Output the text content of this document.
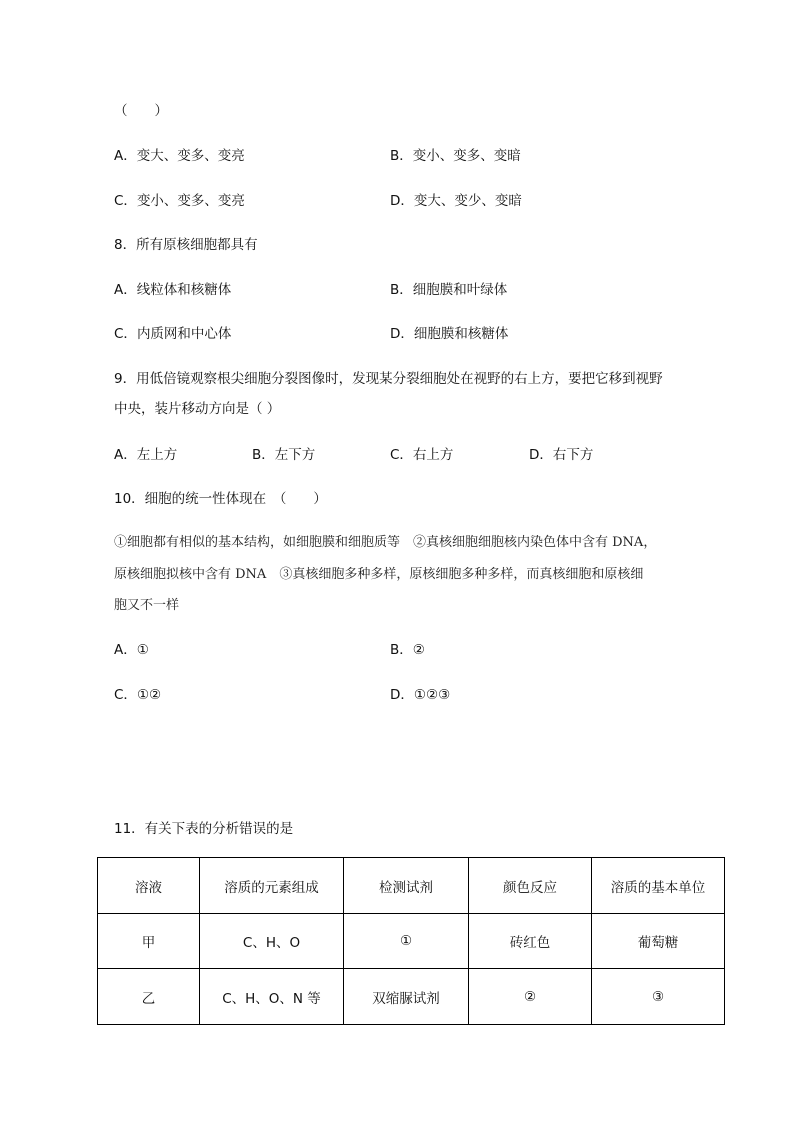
（　　）
A．变大、变多、变亮	B．变小、变多、变暗
C．变小、变多、变亮	D．变大、变少、变暗
8．所有原核细胞都具有
A．线粒体和核糖体	B．细胞膜和叶绿体
C．内质网和中心体	D．细胞膜和核糖体
9．用低倍镜观察根尖细胞分裂图像时，发现某分裂细胞处在视野的右上方，要把它移到视野
中央，装片移动方向是（ ）
A．左上方	B．左下方	C．右上方	D．右下方
10．细胞的统一性体现在　（　　）
①细胞都有相似的基本结构，如细胞膜和细胞质等　②真核细胞细胞核内染色体中含有 DNA，
原核细胞拟核中含有 DNA　③真核细胞多种多样，原核细胞多种多样，而真核细胞和原核细
胞又不一样
A．①	B．②
C．①②	D．①②③
11．有关下表的分析错误的是
溶液	溶质的元素组成	检测试剂	颜色反应	溶质的基本单位
甲	C、H、O	①	砖红色	葡萄糖
乙	C、H、O、N 等	双缩脲试剂	②	③
